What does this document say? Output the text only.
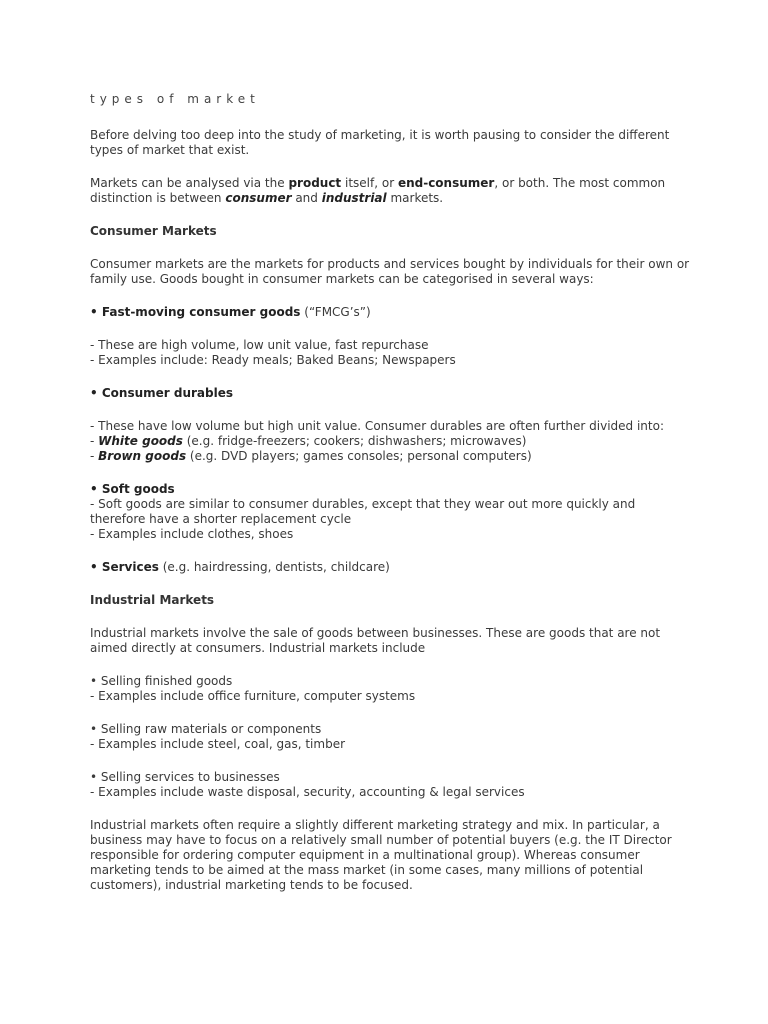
types of market

Before delving too deep into the study of marketing, it is worth pausing to consider the different types of market that exist.

Markets can be analysed via the product itself, or end-consumer, or both. The most common distinction is between consumer and industrial markets.

Consumer Markets

Consumer markets are the markets for products and services bought by individuals for their own or family use. Goods bought in consumer markets can be categorised in several ways:

• Fast-moving consumer goods (“FMCG’s”)

- These are high volume, low unit value, fast repurchase
- Examples include: Ready meals; Baked Beans; Newspapers

• Consumer durables

- These have low volume but high unit value. Consumer durables are often further divided into:
- White goods (e.g. fridge-freezers; cookers; dishwashers; microwaves)
- Brown goods (e.g. DVD players; games consoles; personal computers)

• Soft goods
- Soft goods are similar to consumer durables, except that they wear out more quickly and therefore have a shorter replacement cycle
- Examples include clothes, shoes

• Services (e.g. hairdressing, dentists, childcare)

Industrial Markets

Industrial markets involve the sale of goods between businesses. These are goods that are not aimed directly at consumers. Industrial markets include

• Selling finished goods
- Examples include office furniture, computer systems

• Selling raw materials or components
- Examples include steel, coal, gas, timber

• Selling services to businesses
- Examples include waste disposal, security, accounting & legal services

Industrial markets often require a slightly different marketing strategy and mix. In particular, a business may have to focus on a relatively small number of potential buyers (e.g. the IT Director responsible for ordering computer equipment in a multinational group). Whereas consumer marketing tends to be aimed at the mass market (in some cases, many millions of potential customers), industrial marketing tends to be focused.
